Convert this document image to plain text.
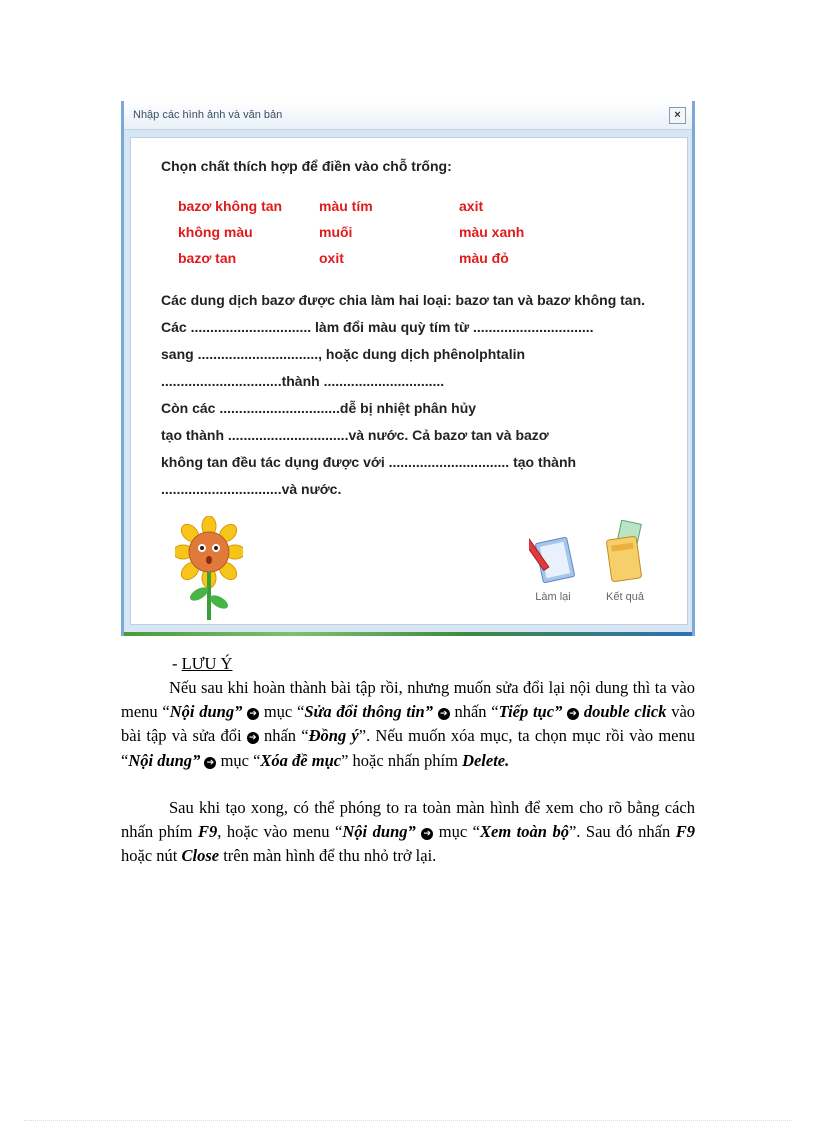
Nhập các hình ảnh và văn bản	×
Chọn chất thích hợp để điền vào chỗ trống:
bazơ không tan	màu tím	axit
không màu	muối	màu xanh
bazơ tan	oxit	màu đỏ
Các dung dịch bazơ được chia làm hai loại: bazơ tan và bazơ không tan.
Các ............................... làm đổi màu quỳ tím từ ...............................
sang ..............................., hoặc dung dịch phênolphtalin
...............................thành ...............................
Còn các ...............................dễ bị nhiệt phân hủy
tạo thành ...............................và nước. Cả bazơ tan và bazơ
không tan đều tác dụng được với ............................... tạo thành
...............................và nước.
Làm lại	Kết quả
- LƯU Ý
Nếu sau khi hoàn thành bài tập rồi, nhưng muốn sửa đổi lại nội dung thì ta vào menu “Nội dung” ➔ mục “Sửa đổi thông tin” ➔ nhấn “Tiếp tục” ➔ double click vào bài tập và sửa đổi ➔ nhấn “Đồng ý”. Nếu muốn xóa mục, ta chọn mục rồi vào menu “Nội dung” ➔ mục “Xóa đề mục” hoặc nhấn phím Delete.
Sau khi tạo xong, có thể phóng to ra toàn màn hình để xem cho rõ bằng cách nhấn phím F9, hoặc vào menu “Nội dung” ➔ mục “Xem toàn bộ”. Sau đó nhấn F9 hoặc nút Close trên màn hình để thu nhỏ trở lại.
